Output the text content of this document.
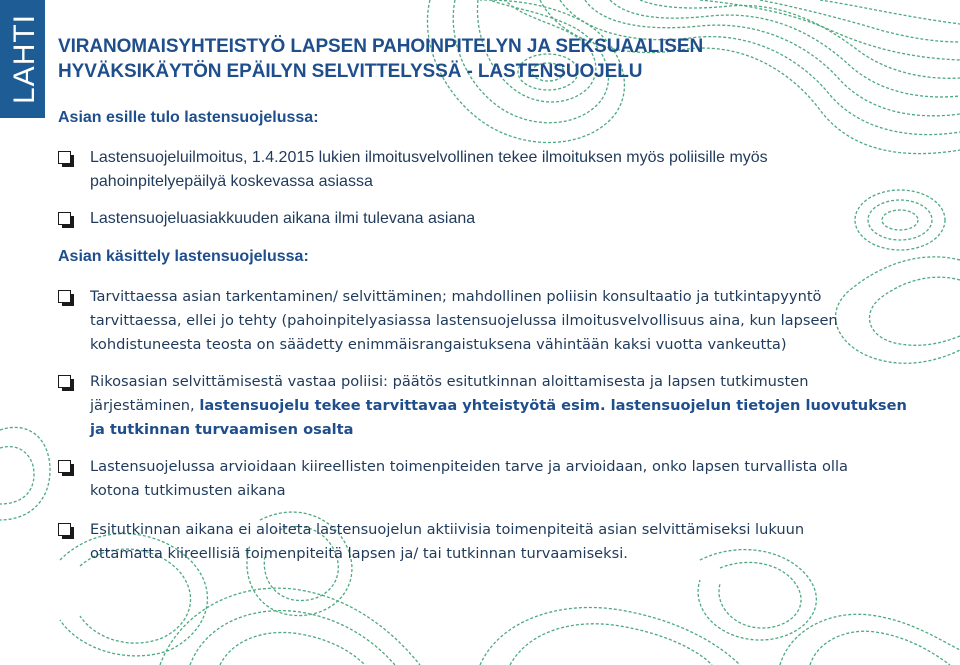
LAHTI VIRANOMAISYHTEISTYÖ LAPSEN PAHOINPITELYN JA SEKSUAALISEN
HYVÄKSIKÄYTÖN EPÄILYN SELVITTELYSSÄ - LASTENSUOJELU
Asian esille tulo lastensuojelussa:
Lastensuojeluilmoitus, 1.4.2015 lukien ilmoitusvelvollinen tekee ilmoituksen myös poliisille myös
pahoinpitelyepäilyä koskevassa asiassa
Lastensuojeluasiakkuuden aikana ilmi tulevana asiana
Asian käsittely lastensuojelussa:
Tarvittaessa asian tarkentaminen/ selvittäminen; mahdollinen poliisin konsultaatio ja tutkintapyyntö
tarvittaessa, ellei jo tehty (pahoinpitelyasiassa lastensuojelussa ilmoitusvelvollisuus aina, kun lapseen
kohdistuneesta teosta on säädetty enimmäisrangaistuksena vähintään kaksi vuotta vankeutta)
Rikosasian selvittämisestä vastaa poliisi: päätös esitutkinnan aloittamisesta ja lapsen tutkimusten
järjestäminen, lastensuojelu tekee tarvittavaa yhteistyötä esim. lastensuojelun tietojen luovutuksen
ja tutkinnan turvaamisen osalta
Lastensuojelussa arvioidaan kiireellisten toimenpiteiden tarve ja arvioidaan, onko lapsen turvallista olla
kotona tutkimusten aikana
Esitutkinnan aikana ei aloiteta lastensuojelun aktiivisia toimenpiteitä asian selvittämiseksi lukuun
ottamatta kiireellisiä toimenpiteitä lapsen ja/ tai tutkinnan turvaamiseksi.
